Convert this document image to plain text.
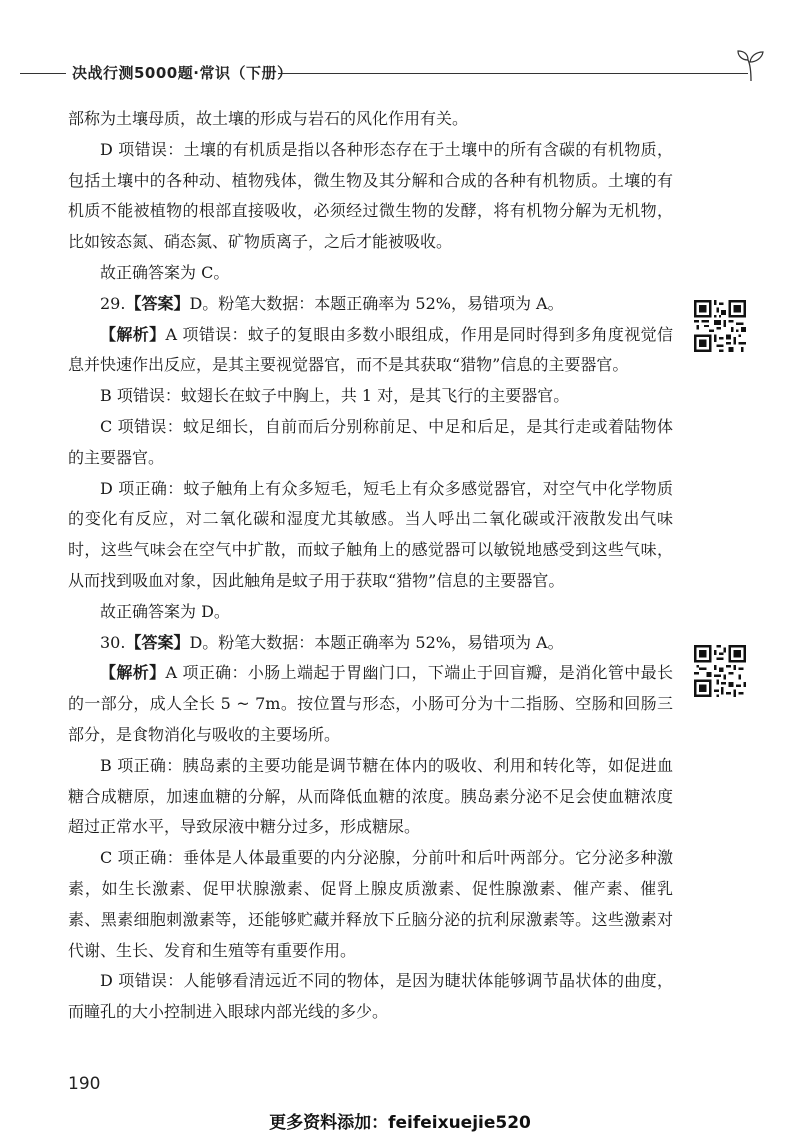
决战行测5000题·常识（下册）

部称为土壤母质，故土壤的形成与岩石的风化作用有关。

D 项错误：土壤的有机质是指以各种形态存在于土壤中的所有含碳的有机物质，包括土壤中的各种动、植物残体，微生物及其分解和合成的各种有机物质。土壤的有机质不能被植物的根部直接吸收，必须经过微生物的发酵，将有机物分解为无机物，比如铵态氮、硝态氮、矿物质离子，之后才能被吸收。

故正确答案为 C。

29.【答案】D。粉笔大数据：本题正确率为 52%，易错项为 A。

【解析】A 项错误：蚊子的复眼由多数小眼组成，作用是同时得到多角度视觉信息并快速作出反应，是其主要视觉器官，而不是其获取“猎物”信息的主要器官。

B 项错误：蚊翅长在蚊子中胸上，共 1 对，是其飞行的主要器官。

C 项错误：蚊足细长，自前而后分别称前足、中足和后足，是其行走或着陆物体的主要器官。

D 项正确：蚊子触角上有众多短毛，短毛上有众多感觉器官，对空气中化学物质的变化有反应，对二氧化碳和湿度尤其敏感。当人呼出二氧化碳或汗液散发出气味时，这些气味会在空气中扩散，而蚊子触角上的感觉器可以敏锐地感受到这些气味，从而找到吸血对象，因此触角是蚊子用于获取“猎物”信息的主要器官。

故正确答案为 D。

30.【答案】D。粉笔大数据：本题正确率为 52%，易错项为 A。

【解析】A 项正确：小肠上端起于胃幽门口，下端止于回盲瓣，是消化管中最长的一部分，成人全长 5 ~ 7m。按位置与形态，小肠可分为十二指肠、空肠和回肠三部分，是食物消化与吸收的主要场所。

B 项正确：胰岛素的主要功能是调节糖在体内的吸收、利用和转化等，如促进血糖合成糖原，加速血糖的分解，从而降低血糖的浓度。胰岛素分泌不足会使血糖浓度超过正常水平，导致尿液中糖分过多，形成糖尿。

C 项正确：垂体是人体最重要的内分泌腺，分前叶和后叶两部分。它分泌多种激素，如生长激素、促甲状腺激素、促肾上腺皮质激素、促性腺激素、催产素、催乳素、黑素细胞刺激素等，还能够贮藏并释放下丘脑分泌的抗利尿激素等。这些激素对代谢、生长、发育和生殖等有重要作用。

D 项错误：人能够看清远近不同的物体，是因为睫状体能够调节晶状体的曲度，而瞳孔的大小控制进入眼球内部光线的多少。

190
更多资料添加：feifeixuejie520
